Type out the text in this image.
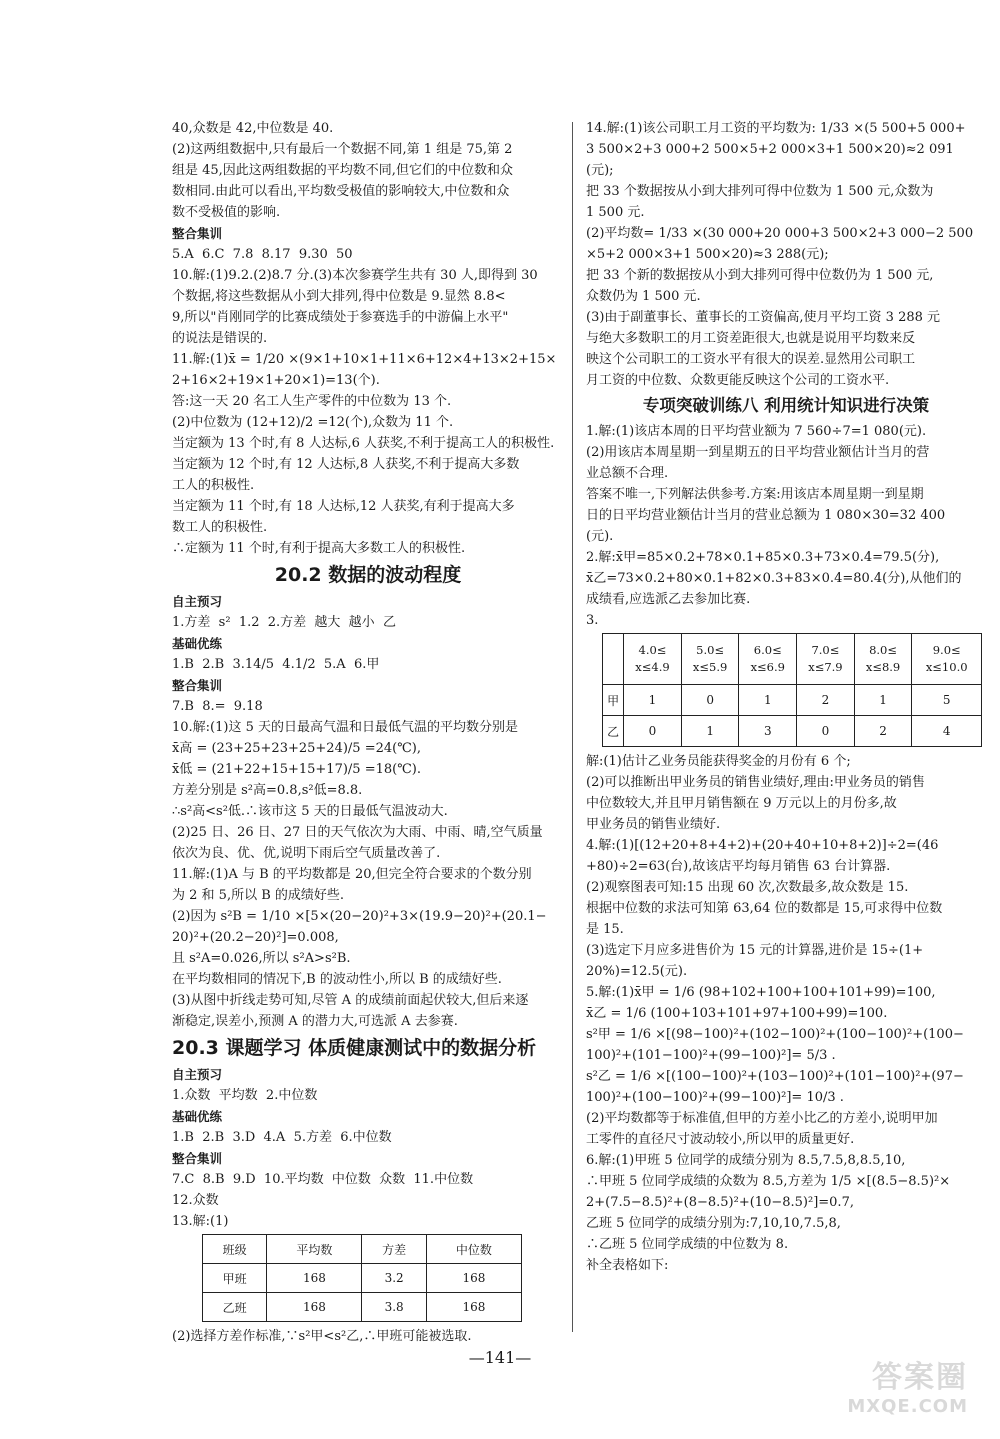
40,众数是 42,中位数是 40.

(2)这两组数据中,只有最后一个数据不同,第 1 组是 75,第 2

组是 45,因此这两组数据的平均数不同,但它们的中位数和众

数相同.由此可以看出,平均数受极值的影响较大,中位数和众

数不受极值的影响.

整合集训

5.A  6.C  7.8  8.17  9.30  50

10.解:(1)9.2.(2)8.7 分.(3)本次参赛学生共有 30 人,即得到 30

个数据,将这些数据从小到大排列,得中位数是 9.显然 8.8<

9,所以"肖刚同学的比赛成绩处于参赛选手的中游偏上水平"

的说法是错误的.

11.解:(1)x̄ = 1/20 ×(9×1+10×1+11×6+12×4+13×2+15×

2+16×2+19×1+20×1)=13(个).

答:这一天 20 名工人生产零件的中位数为 13 个.

(2)中位数为 (12+12)/2 =12(个),众数为 11 个.

当定额为 13 个时,有 8 人达标,6 人获奖,不利于提高工人的积极性.

当定额为 12 个时,有 12 人达标,8 人获奖,不利于提高大多数

工人的积极性.

当定额为 11 个时,有 18 人达标,12 人获奖,有利于提高大多

数工人的积极性.

∴定额为 11 个时,有利于提高大多数工人的积极性.

20.2 数据的波动程度

自主预习

1.方差  s²  1.2  2.方差  越大  越小  乙

基础优练

1.B  2.B  3.14/5  4.1/2  5.A  6.甲

整合集训

7.B  8.=  9.18

10.解:(1)这 5 天的日最高气温和日最低气温的平均数分别是

x̄高 = (23+25+23+25+24)/5 =24(℃),

x̄低 = (21+22+15+15+17)/5 =18(℃).

方差分别是 s²高=0.8,s²低=8.8.

∴s²高<s²低.∴该市这 5 天的日最低气温波动大.

(2)25 日、26 日、27 日的天气依次为大雨、中雨、晴,空气质量

依次为良、优、优,说明下雨后空气质量改善了.

11.解:(1)A 与 B 的平均数都是 20,但完全符合要求的个数分别

为 2 和 5,所以 B 的成绩好些.

(2)因为 s²B = 1/10 ×[5×(20−20)²+3×(19.9−20)²+(20.1−

20)²+(20.2−20)²]=0.008,

且 s²A=0.026,所以 s²A>s²B.

在平均数相同的情况下,B 的波动性小,所以 B 的成绩好些.

(3)从图中折线走势可知,尽管 A 的成绩前面起伏较大,但后来逐

渐稳定,误差小,预测 A 的潜力大,可选派 A 去参赛.

20.3 课题学习 体质健康测试中的数据分析

自主预习

1.众数  平均数  2.中位数

基础优练

1.B  2.B  3.D  4.A  5.方差  6.中位数

整合集训

7.C  8.B  9.D  10.平均数  中位数  众数  11.中位数

12.众数

13.解:(1)

班级	平均数	方差	中位数
甲班	168	3.2	168
乙班	168	3.8	168

(2)选择方差作标准,∵s²甲<s²乙,∴甲班可能被选取.

14.解:(1)该公司职工月工资的平均数为: 1/33 ×(5 500+5 000+

3 500×2+3 000+2 500×5+2 000×3+1 500×20)≈2 091

(元);

把 33 个数据按从小到大排列可得中位数为 1 500 元,众数为

1 500 元.

(2)平均数= 1/33 ×(30 000+20 000+3 500×2+3 000−2 500

×5+2 000×3+1 500×20)≈3 288(元);

把 33 个新的数据按从小到大排列可得中位数仍为 1 500 元,

众数仍为 1 500 元.

(3)由于副董事长、董事长的工资偏高,使月平均工资 3 288 元

与绝大多数职工的月工资差距很大,也就是说用平均数来反

映这个公司职工的工资水平有很大的误差.显然用公司职工

月工资的中位数、众数更能反映这个公司的工资水平.

专项突破训练八 利用统计知识进行决策

1.解:(1)该店本周的日平均营业额为 7 560÷7=1 080(元).

(2)用该店本周星期一到星期五的日平均营业额估计当月的营

业总额不合理.

答案不唯一,下列解法供参考.方案:用该店本周星期一到星期

日的日平均营业额估计当月的营业总额为 1 080×30=32 400

(元).

2.解:x̄甲=85×0.2+78×0.1+85×0.3+73×0.4=79.5(分),

x̄乙=73×0.2+80×0.1+82×0.3+83×0.4=80.4(分),从他们的

成绩看,应选派乙去参加比赛.

3.

	4.0≤
x≤4.9	5.0≤
x≤5.9	6.0≤
x≤6.9	7.0≤
x≤7.9	8.0≤
x≤8.9	9.0≤
x≤10.0
甲	1	0	1	2	1	5
乙	0	1	3	0	2	4

解:(1)估计乙业务员能获得奖金的月份有 6 个;

(2)可以推断出甲业务员的销售业绩好,理由:甲业务员的销售

中位数较大,并且甲月销售额在 9 万元以上的月份多,故

甲业务员的销售业绩好.

4.解:(1)[(12+20+8+4+2)+(20+40+10+8+2)]÷2=(46

+80)÷2=63(台),故该店平均每月销售 63 台计算器.

(2)观察图表可知:15 出现 60 次,次数最多,故众数是 15.

根据中位数的求法可知第 63,64 位的数都是 15,可求得中位数

是 15.

(3)选定下月应多进售价为 15 元的计算器,进价是 15÷(1+

20%)=12.5(元).

5.解:(1)x̄甲 = 1/6 (98+102+100+100+101+99)=100,

x̄乙 = 1/6 (100+103+101+97+100+99)=100.

s²甲 = 1/6 ×[(98−100)²+(102−100)²+(100−100)²+(100−

100)²+(101−100)²+(99−100)²]= 5/3 .

s²乙 = 1/6 ×[(100−100)²+(103−100)²+(101−100)²+(97−

100)²+(100−100)²+(99−100)²]= 10/3 .

(2)平均数都等于标准值,但甲的方差小比乙的方差小,说明甲加

工零件的直径尺寸波动较小,所以甲的质量更好.

6.解:(1)甲班 5 位同学的成绩分别为 8.5,7.5,8,8.5,10,

∴甲班 5 位同学成绩的众数为 8.5,方差为 1/5 ×[(8.5−8.5)²×

2+(7.5−8.5)²+(8−8.5)²+(10−8.5)²]=0.7,

乙班 5 位同学的成绩分别为:7,10,10,7.5,8,

∴乙班 5 位同学成绩的中位数为 8.

补全表格如下:

—141—
答案圈
MXQE.COM
